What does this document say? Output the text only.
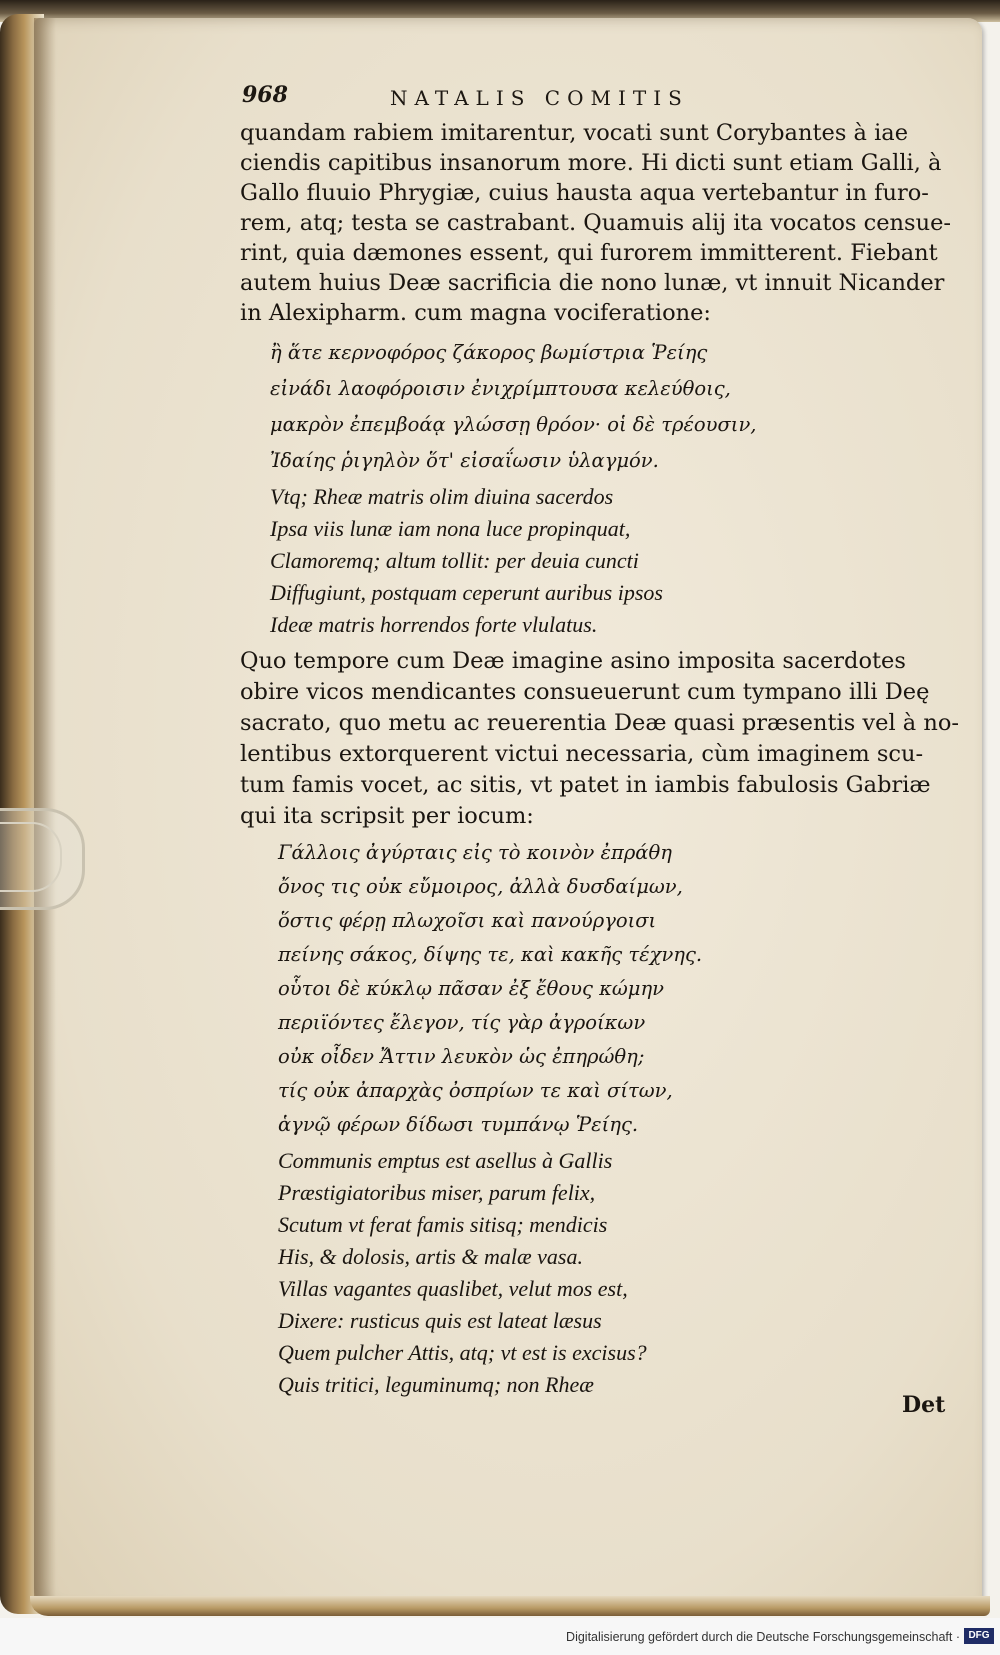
968	NATALIS COMITIS
quandam rabiem imitarentur, vocati sunt Corybantes à iae
ciendis capitibus insanorum more. Hi dicti sunt etiam Galli, à
Gallo fluuio Phrygiæ, cuius hausta aqua vertebantur in furo-
rem, atq; testa se castrabant. Quamuis alij ita vocatos censue-
rint, quia dæmones essent, qui furorem immitterent. Fiebant
autem huius Deæ sacrificia die nono lunæ, vt innuit Nicander
in Alexipharm. cum magna vociferatione:
ἢ ἅτε κερνοφόρος ζάκορος βωμίστρια Ῥείης
εἰνάδι λαοφόροισιν ἐνιχρίμπτουσα κελεύθοις,
μακρὸν ἐπεμβοάᾳ γλώσσῃ θρόον· οἱ δὲ τρέουσιν,
Ἰδαίης ῥιγηλὸν ὅτ' εἰσαΐωσιν ὑλαγμόν.
Vtq; Rheæ matris olim diuina sacerdos
Ipsa viis lunæ iam nona luce propinquat,
Clamoremq; altum tollit: per deuia cuncti
Diffugiunt, postquam ceperunt auribus ipsos
Ideæ matris horrendos forte vlulatus.
Quo tempore cum Deæ imagine asino imposita sacerdotes
obire vicos mendicantes consueuerunt cum tympano illi Deę
sacrato, quo metu ac reuerentia Deæ quasi præsentis vel à no-
lentibus extorquerent victui necessaria, cùm imaginem scu-
tum famis vocet, ac sitis, vt patet in iambis fabulosis Gabriæ
qui ita scripsit per iocum:
Γάλλοις ἀγύρταις εἰς τὸ κοινὸν ἐπράθη
ὄνος τις οὐκ εὔμοιρος, ἀλλὰ δυσδαίμων,
ὅστις φέρῃ πλωχοῖσι καὶ πανούργοισι
πείνης σάκος, δίψης τε, καὶ κακῆς τέχνης.
οὗτοι δὲ κύκλῳ πᾶσαν ἐξ ἔθους κώμην
περιϊόντες ἔλεγον, τίς γὰρ ἀγροίκων
οὐκ οἶδεν Ἄττιν λευκὸν ὡς ἐπηρώθη;
τίς οὐκ ἀπαρχὰς ὀσπρίων τε καὶ σίτων,
ἁγνῷ φέρων δίδωσι τυμπάνῳ Ῥείης.
Communis emptus est asellus à Gallis
Præstigiatoribus miser, parum felix,
Scutum vt ferat famis sitisq; mendicis
His, & dolosis, artis & malæ vasa.
Villas vagantes quaslibet, velut mos est,
Dixere: rusticus quis est lateat læsus
Quem pulcher Attis, atq; vt est is excisus?
Quis tritici, leguminumq; non Rheæ
Det
Digitalisierung gefördert durch die Deutsche Forschungsgemeinschaft · DFG
